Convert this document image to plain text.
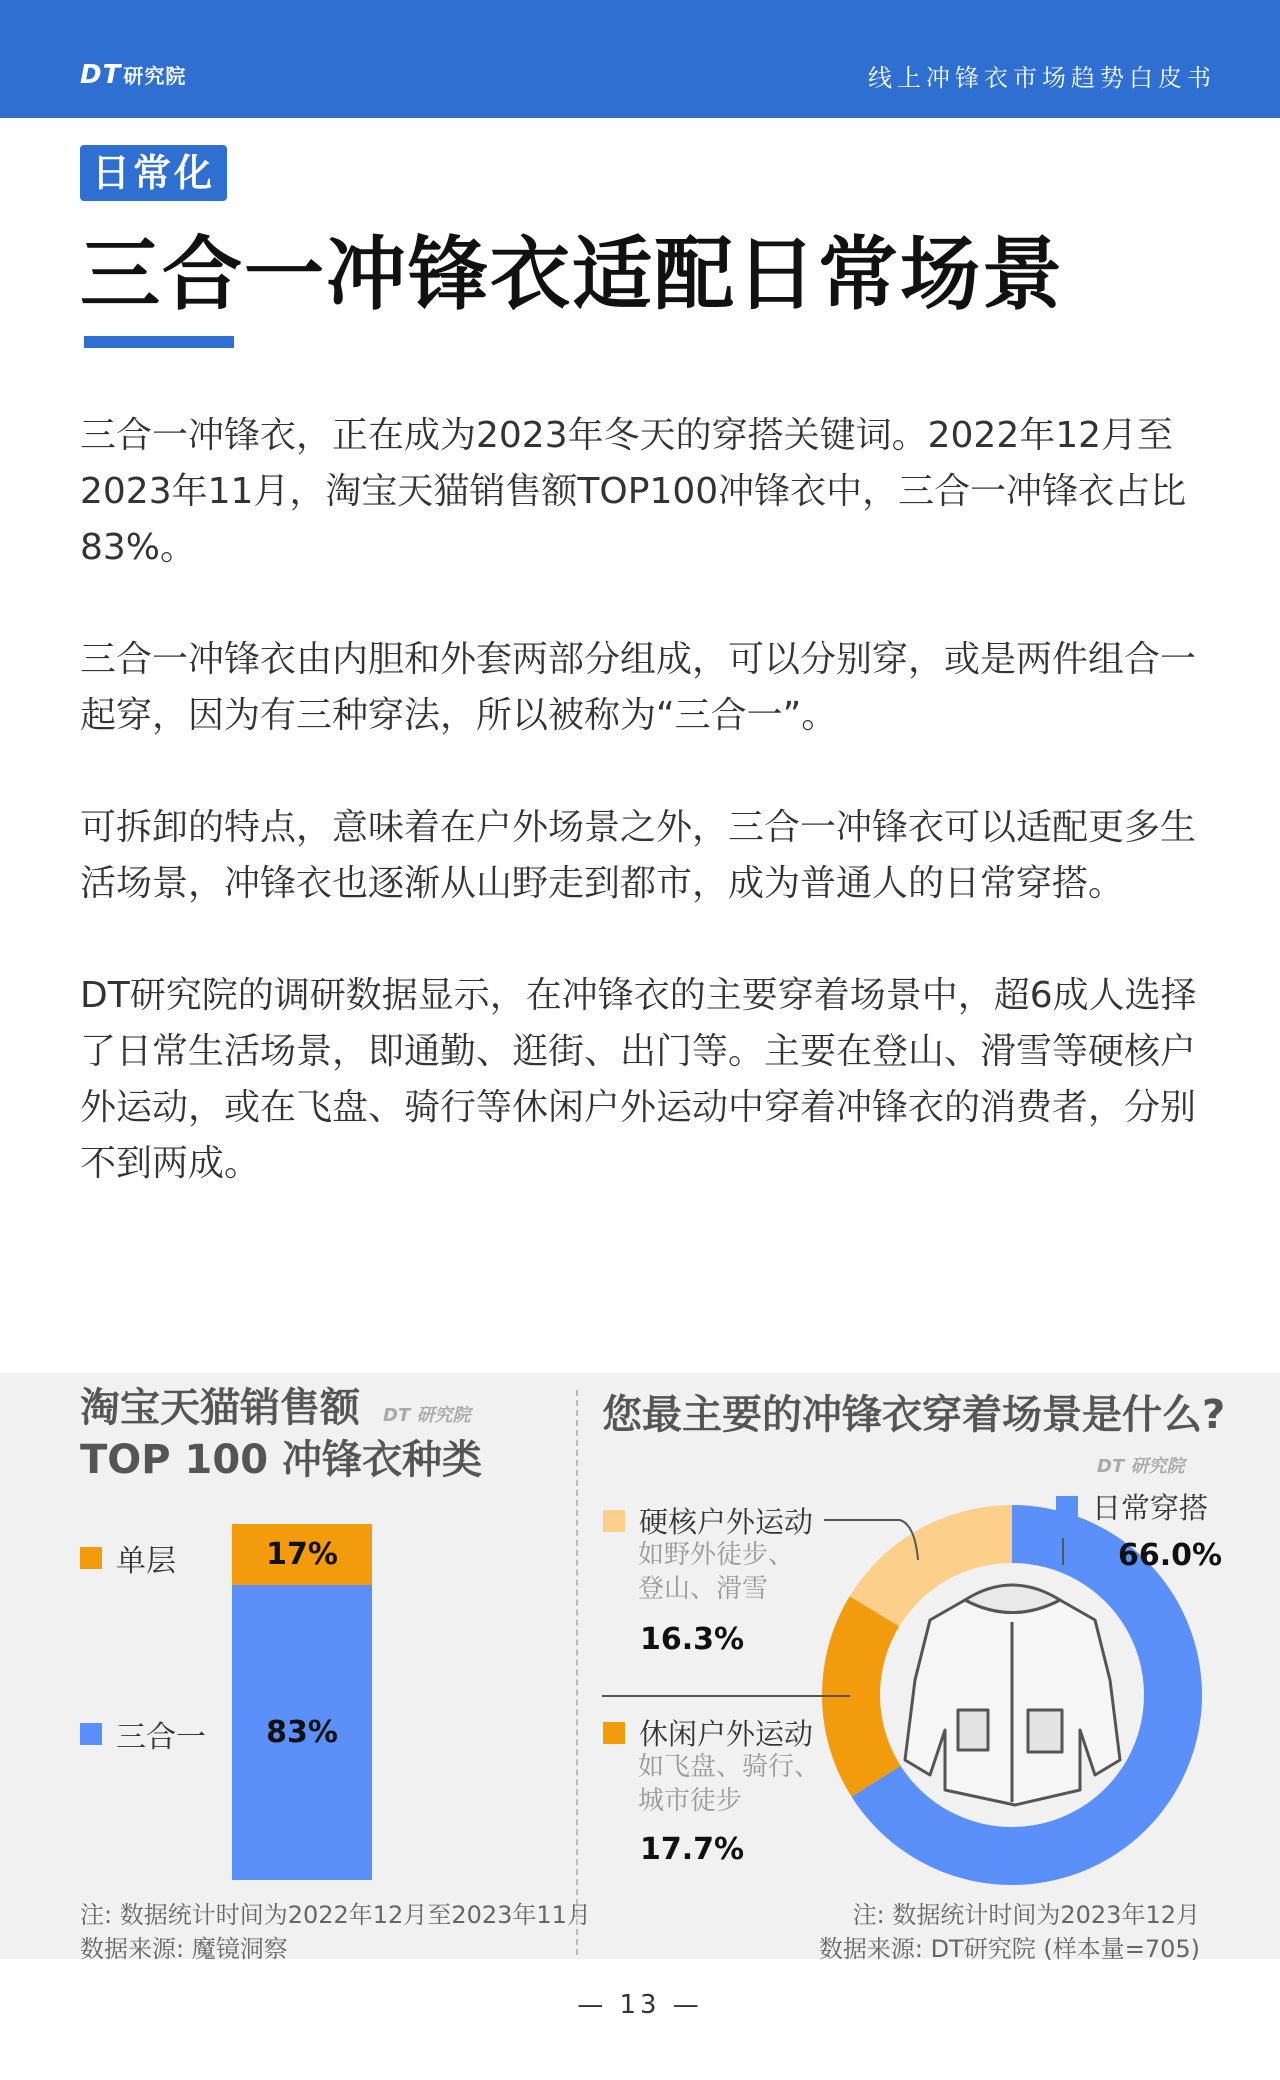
DT 研究院	线上冲锋衣市场趋势白皮书
日常化
三合一冲锋衣适配日常场景

三合一冲锋衣，正在成为2023年冬天的穿搭关键词。2022年12月至2023年11月，淘宝天猫销售额TOP100冲锋衣中，三合一冲锋衣占比83%。

三合一冲锋衣由内胆和外套两部分组成，可以分别穿，或是两件组合一起穿，因为有三种穿法，所以被称为“三合一”。

可拆卸的特点，意味着在户外场景之外，三合一冲锋衣可以适配更多生活场景，冲锋衣也逐渐从山野走到都市，成为普通人的日常穿搭。

DT研究院的调研数据显示，在冲锋衣的主要穿着场景中，超6成人选择了日常生活场景，即通勤、逛街、出门等。主要在登山、滑雪等硬核户外运动，或在飞盘、骑行等休闲户外运动中穿着冲锋衣的消费者，分别不到两成。

淘宝天猫销售额
TOP 100 冲锋衣种类
DT 研究院
单层
三合一
17%
83%
注: 数据统计时间为2022年12月至2023年11月
数据来源: 魔镜洞察
您最主要的冲锋衣穿着场景是什么?
DT 研究院
硬核户外运动
如野外徒步、
登山、滑雪
16.3%
休闲户外运动
如飞盘、骑行、
城市徒步
17.7%
日常穿搭
66.0%
注: 数据统计时间为2023年12月
数据来源: DT研究院 (样本量=705)
— 13 —
